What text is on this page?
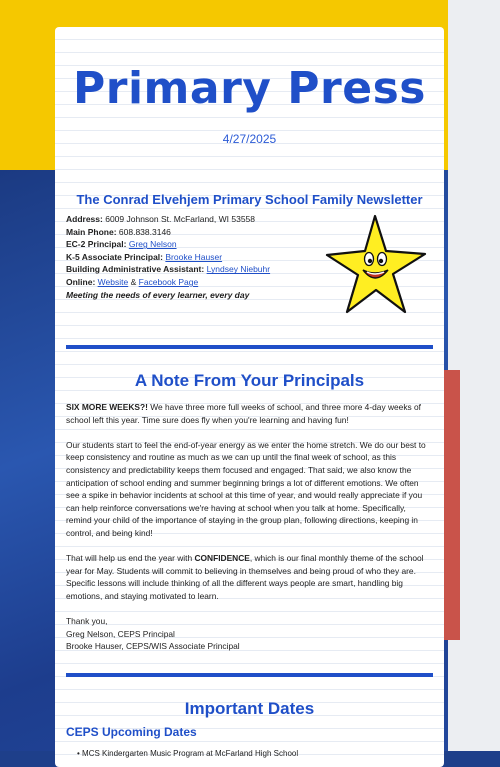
Primary Press
4/27/2025
The Conrad Elvehjem Primary School Family Newsletter
Address: 6009 Johnson St. McFarland, WI 53558
Main Phone: 608.838.3146
EC-2 Principal: Greg Nelson
K-5 Associate Principal: Brooke Hauser
Building Administrative Assistant: Lyndsey Niebuhr
Online: Website & Facebook Page
Meeting the needs of every learner, every day
A Note From Your Principals

SIX MORE WEEKS?! We have three more full weeks of school, and three more 4-day weeks of school left this year. Time sure does fly when you're learning and having fun!

Our students start to feel the end-of-year energy as we enter the home stretch. We do our best to keep consistency and routine as much as we can up until the final week of school, as this consistency and predictability keeps them focused and engaged. That said, we also know the anticipation of school ending and summer beginning brings a lot of different emotions. We often see a spike in behavior incidents at school at this time of year, and would really appreciate if you can help reinforce conversations we're having at school when you talk at home. Specifically, remind your child of the importance of staying in the group plan, following directions, keeping in control, and being kind!

That will help us end the year with CONFIDENCE, which is our final monthly theme of the school year for May. Students will commit to believing in themselves and being proud of who they are. Specific lessons will include thinking of all the different ways people are smart, handling big emotions, and staying motivated to learn.

Thank you,
Greg Nelson, CEPS Principal
Brooke Hauser, CEPS/WIS Associate Principal
Important Dates
CEPS Upcoming Dates
• MCS Kindergarten Music Program at McFarland High School
